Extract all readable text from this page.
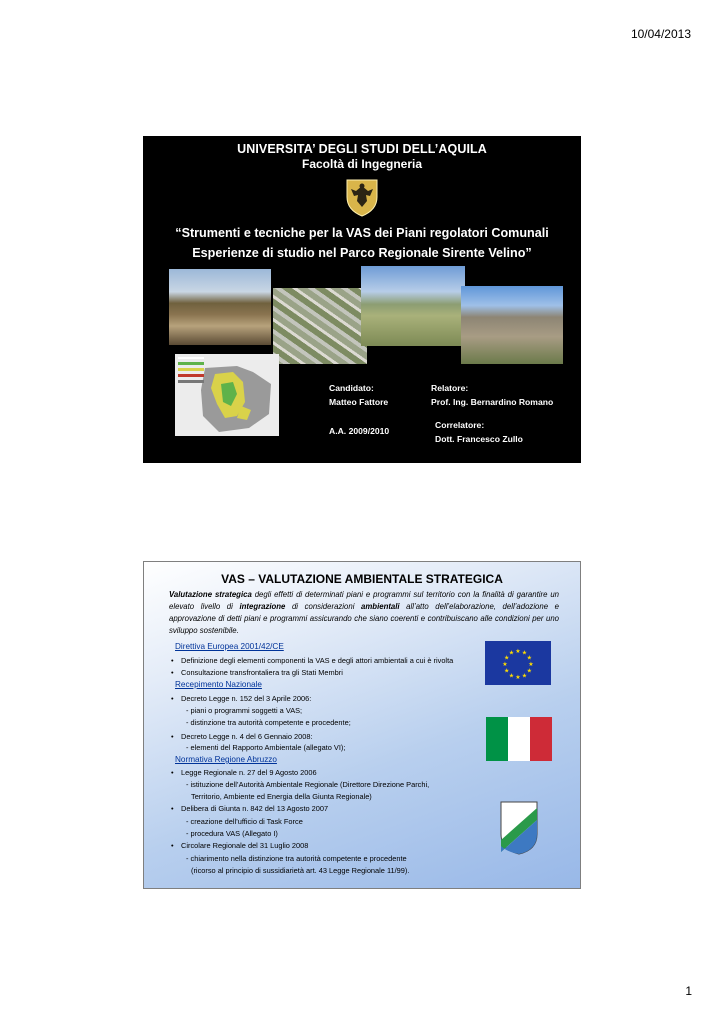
10/04/2013
UNIVERSITA’ DEGLI STUDI DELL’AQUILA
Facoltà di Ingegneria
“Strumenti e tecniche per la VAS dei Piani regolatori Comunali
Esperienze di studio nel Parco Regionale Sirente Velino”
Candidato:
Matteo Fattore
Relatore:
Prof. Ing. Bernardino Romano
A.A. 2009/2010
Correlatore:
Dott. Francesco Zullo
VAS – VALUTAZIONE AMBIENTALE STRATEGICA
Valutazione strategica degli effetti di determinati piani e programmi sul territorio con la finalità di garantire un elevato livello di integrazione di considerazioni ambientali all’atto dell’elaborazione, dell’adozione e approvazione di detti piani e programmi assicurando che siano coerenti e contribuiscano alle condizioni per uno sviluppo sostenibile.
Direttiva Europea 2001/42/CE
• Definizione degli elementi componenti la VAS e degli attori ambientali a cui è rivolta
• Consultazione transfrontaliera tra gli Stati Membri
Recepimento Nazionale
• Decreto Legge n. 152 del 3 Aprile 2006:
- piani o programmi soggetti a VAS;
- distinzione tra autorità competente e procedente;
• Decreto Legge n. 4 del 6 Gennaio 2008:
- elementi del Rapporto Ambientale (allegato VI);
Normativa Regione Abruzzo
• Legge Regionale n. 27 del 9 Agosto 2006
- istituzione dell’Autorità Ambientale Regionale (Direttore Direzione Parchi,
Territorio, Ambiente ed Energia della Giunta Regionale)
• Delibera di Giunta n. 842 del 13 Agosto 2007
- creazione dell’ufficio di Task Force
- procedura VAS (Allegato I)
• Circolare Regionale del 31 Luglio 2008
- chiarimento nella distinzione tra autorità competente e procedente
(ricorso al principio di sussidiarietà art. 43 Legge Regionale 11/99).
★ ★
★
★
★
★
★
★
★
★
★
★
1
